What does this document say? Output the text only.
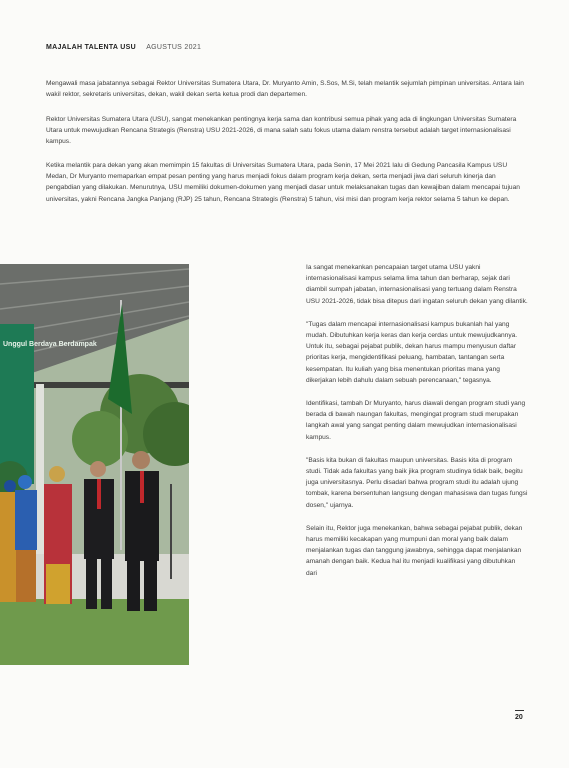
MAJALAH TALENTA USU AGUSTUS 2021

Mengawali masa jabatannya sebagai Rektor Universitas Sumatera Utara, Dr. Muryanto Amin, S.Sos, M.Si, telah melantik sejumlah pimpinan universitas. Antara lain wakil rektor, sekretaris universitas, dekan, wakil dekan serta ketua prodi dan departemen.

Rektor Universitas Sumatera Utara (USU), sangat menekankan pentingnya kerja sama dan kontribusi semua pihak yang ada di lingkungan Universitas Sumatera Utara untuk mewujudkan Rencana Strategis (Renstra) USU 2021-2026, di mana salah satu fokus utama dalam renstra tersebut adalah target internasionalisasi kampus.

Ketika melantik para dekan yang akan memimpin 15 fakultas di Universitas Sumatera Utara, pada Senin, 17 Mei 2021 lalu di Gedung Pancasila Kampus USU Medan, Dr Muryanto memaparkan empat pesan penting yang harus menjadi fokus dalam program kerja dekan, serta menjadi jiwa dari seluruh kinerja dan pengabdian yang dilakukan. Menurutnya, USU memiliki dokumen-dokumen yang menjadi dasar untuk melaksanakan tugas dan kewajiban dalam mencapai tujuan universitas, yakni Rencana Jangka Panjang (RJP) 25 tahun, Rencana Strategis (Renstra) 5 tahun, visi misi dan program kerja rektor selama 5 tahun ke depan.

Unggul Berdaya Berdampak

Ia sangat menekankan pencapaian target utama USU yakni internasionalisasi kampus selama lima tahun dan berharap, sejak dari diambil sumpah jabatan, internasionalisasi yang tertuang dalam Renstra USU 2021-2026, tidak bisa ditepus dari ingatan seluruh dekan yang dilantik.

"Tugas dalam mencapai internasionalisasi kampus bukanlah hal yang mudah. Dibutuhkan kerja keras dan kerja cerdas untuk mewujudkannya. Untuk itu, sebagai pejabat publik, dekan harus mampu menyusun daftar prioritas kerja, mengidentifikasi peluang, hambatan, tantangan serta kesempatan. Itu kuliah yang bisa menentukan prioritas mana yang dikerjakan lebih dahulu dalam sebuah perencanaan," tegasnya.

Identifikasi, tambah Dr Muryanto, harus diawali dengan program studi yang berada di bawah naungan fakultas, mengingat program studi merupakan langkah awal yang sangat penting dalam mewujudkan internasionalisasi kampus.

"Basis kita bukan di fakultas maupun universitas. Basis kita di program studi. Tidak ada fakultas yang baik jika program studinya tidak baik, begitu juga universitasnya. Perlu disadari bahwa program studi itu adalah ujung tombak, karena bersentuhan langsung dengan mahasiswa dan tugas fungsi dosen," ujarnya.

Selain itu, Rektor juga menekankan, bahwa sebagai pejabat publik, dekan harus memiliki kecakapan yang mumpuni dan moral yang baik dalam menjalankan tugas dan tanggung jawabnya, sehingga dapat menjalankan amanah dengan baik. Kedua hal itu menjadi kualifikasi yang dibutuhkan dari

20
